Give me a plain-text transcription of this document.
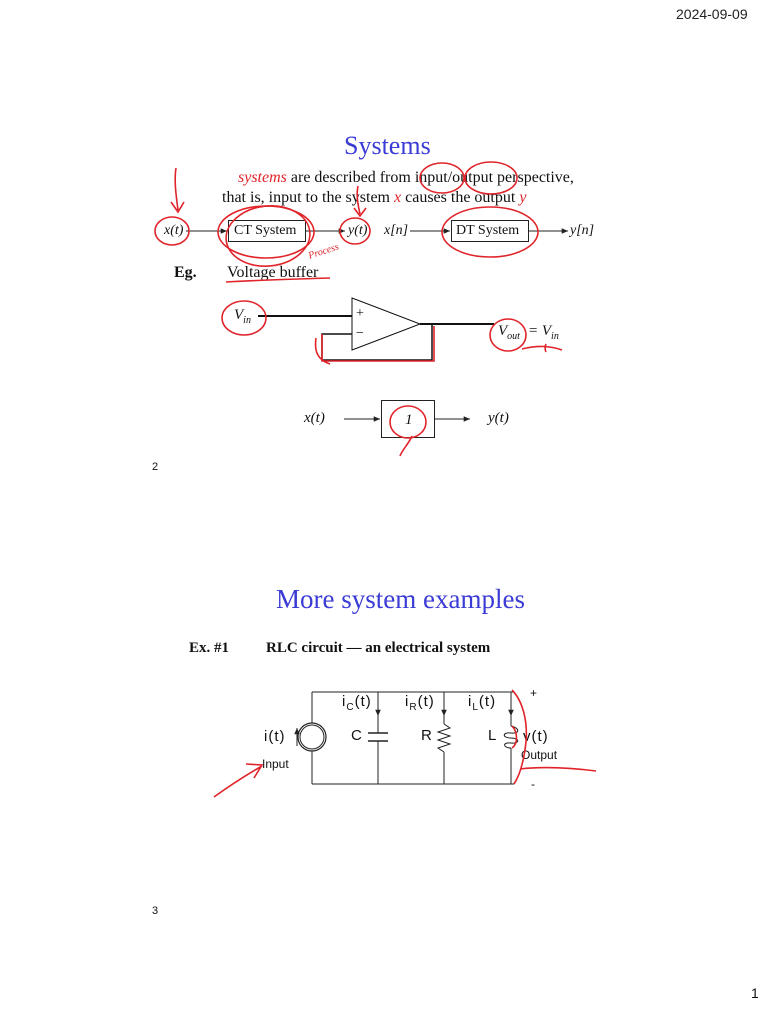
2024-09-09
Systems
systems are described from input/output perspective,
that is, input to the system x causes the output y
x(t)	CT System	y(t) x[n]	DT System	y[n]
Eg. Voltage buffer
$V_{in}$	+
−	$V_{out} = V_{in}$
x(t)	1	y(t)
Process
2
More system examples
Ex. #1 RLC circuit — an electrical system
i(t)
Input
$i_C(t)$ $i_R(t)$ $i_L(t)$
C	R	L v(t)
Output
+
-
3
1
